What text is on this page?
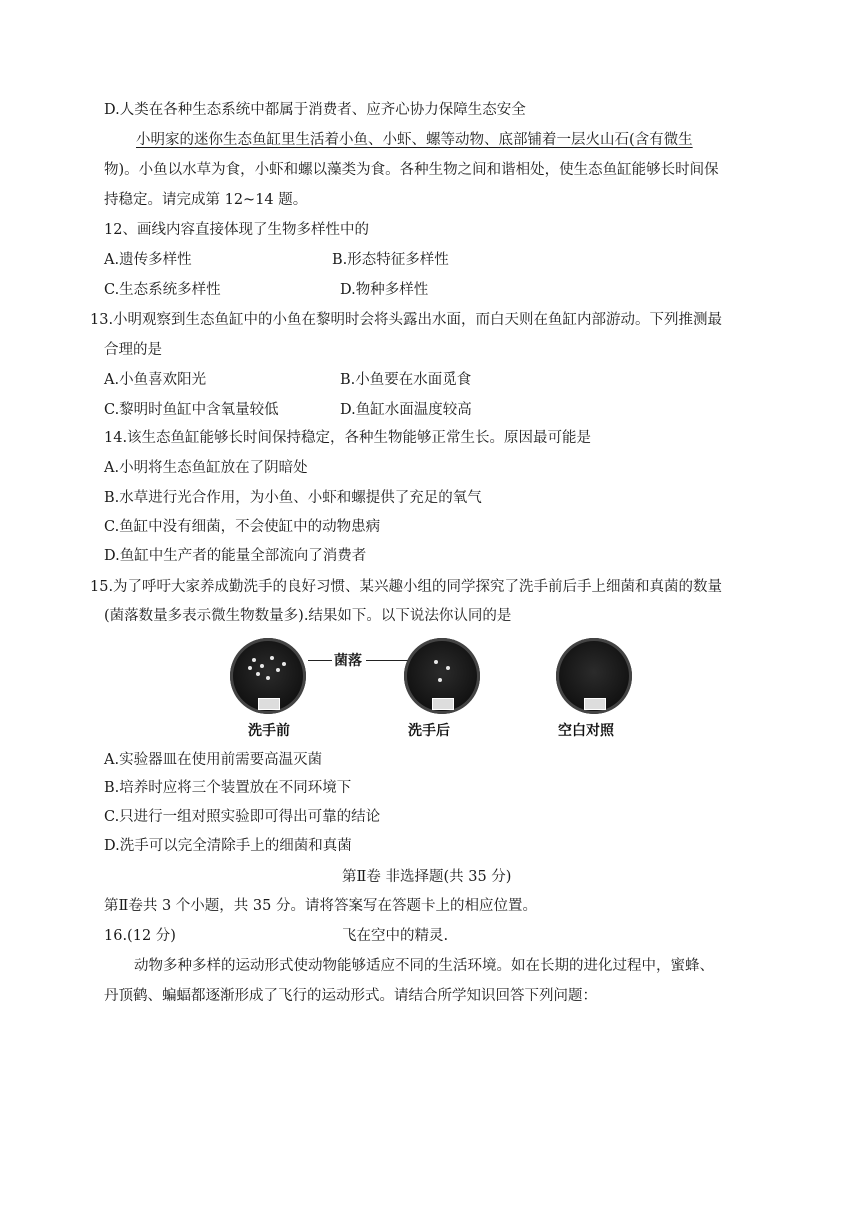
D.人类在各种生态系统中都属于消费者、应齐心协力保障生态安全
小明家的迷你生态鱼缸里生活着小鱼、小虾、螺等动物、底部铺着一层火山石(含有微生
物)。小鱼以水草为食，小虾和螺以藻类为食。各种生物之间和谐相处，使生态鱼缸能够长时间保
持稳定。请完成第 12~14 题。
12、画线内容直接体现了生物多样性中的
A.遗传多样性	B.形态特征多样性
C.生态系统多样性	D.物种多样性
13.小明观察到生态鱼缸中的小鱼在黎明时会将头露出水面，而白天则在鱼缸内部游动。下列推测最
合理的是
A.小鱼喜欢阳光	B.小鱼要在水面觅食
C.黎明时鱼缸中含氧量较低	D.鱼缸水面温度较高
14.该生态鱼缸能够长时间保持稳定，各种生物能够正常生长。原因最可能是
A.小明将生态鱼缸放在了阴暗处
B.水草进行光合作用，为小鱼、小虾和螺提供了充足的氧气
C.鱼缸中没有细菌，不会使缸中的动物患病
D.鱼缸中生产者的能量全部流向了消费者
15.为了呼吁大家养成勤洗手的良好习惯、某兴趣小组的同学探究了洗手前后手上细菌和真菌的数量
(菌落数量多表示微生物数量多).结果如下。以下说法你认同的是
菌落
洗手前	洗手后	空白对照
A.实验器皿在使用前需要高温灭菌
B.培养时应将三个装置放在不同环境下
C.只进行一组对照实验即可得出可靠的结论
D.洗手可以完全清除手上的细菌和真菌
第Ⅱ卷 非选择题(共 35 分)
第Ⅱ卷共 3 个小题，共 35 分。请将答案写在答题卡上的相应位置。
16.(12 分)	飞在空中的精灵.
动物多种多样的运动形式使动物能够适应不同的生活环境。如在长期的进化过程中，蜜蜂、
丹顶鹤、蝙蝠都逐渐形成了飞行的运动形式。请结合所学知识回答下列问题：
